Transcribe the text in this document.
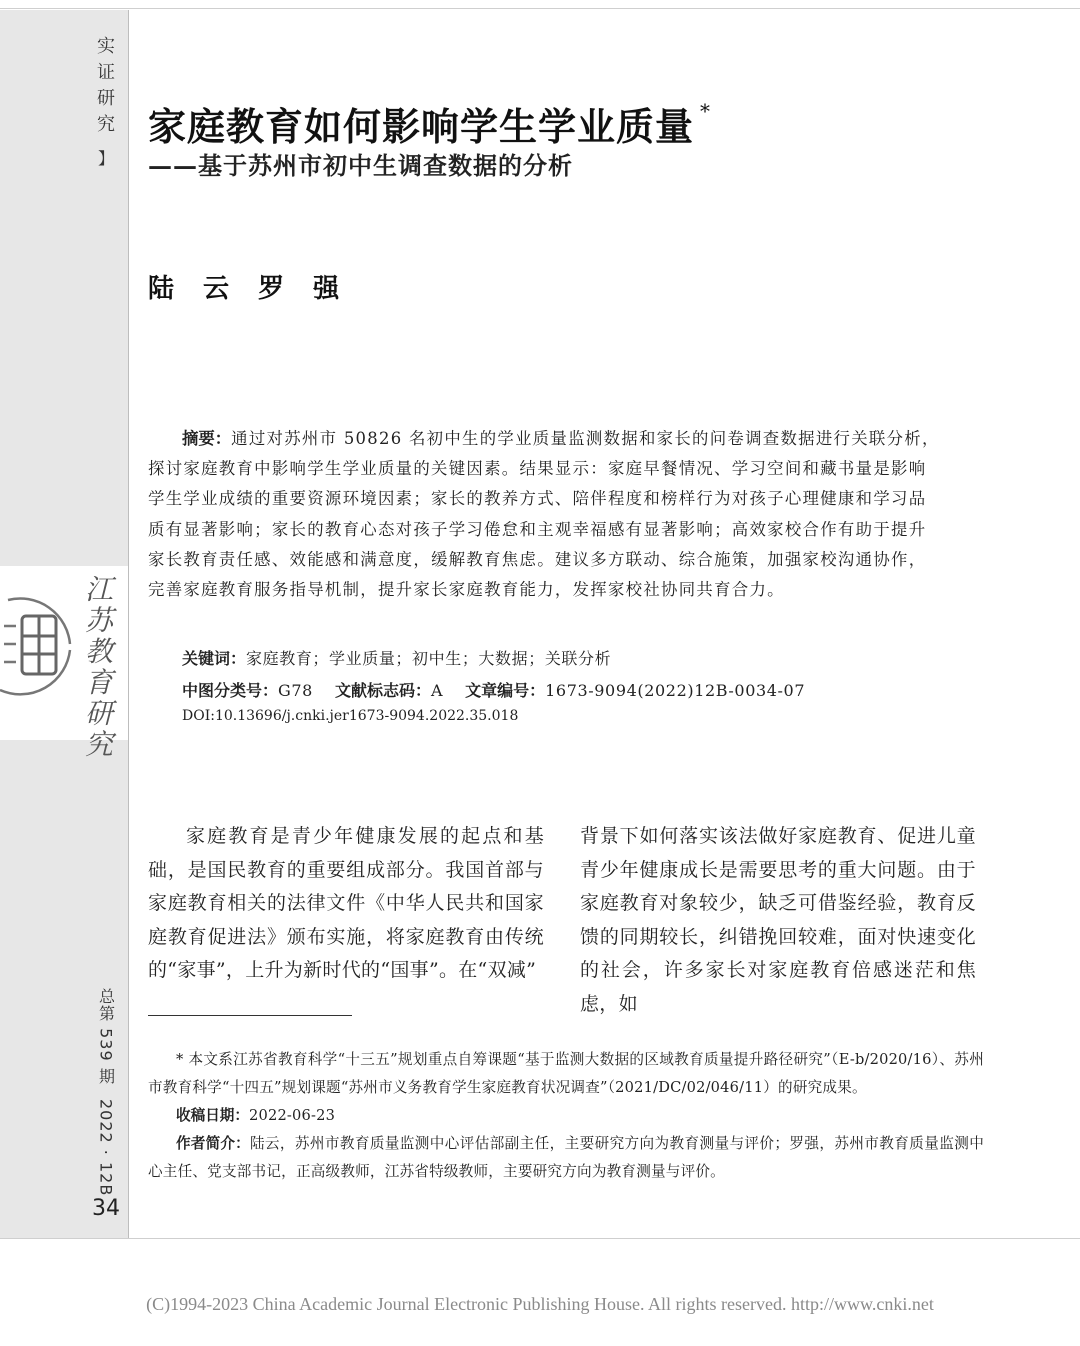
实
证
研
究
】
江
苏
教
育
研
究
总第 539 期
2022 · 12B
34
家庭教育如何影响学生学业质量 *
——基于苏州市初中生调查数据的分析
陆 云 罗 强

摘要：通过对苏州市 50826 名初中生的学业质量监测数据和家长的问卷调查数据进行关联分析，探讨家庭教育中影响学生学业质量的关键因素。结果显示：家庭早餐情况、学习空间和藏书量是影响学生学业成绩的重要资源环境因素；家长的教养方式、陪伴程度和榜样行为对孩子心理健康和学习品质有显著影响；家长的教育心态对孩子学习倦怠和主观幸福感有显著影响；高效家校合作有助于提升家长教育责任感、效能感和满意度，缓解教育焦虑。建议多方联动、综合施策，加强家校沟通协作，完善家庭教育服务指导机制，提升家长家庭教育能力，发挥家校社协同共育合力。

关键词：家庭教育；学业质量；初中生；大数据；关联分析
中图分类号：G78 文献标志码：A 文章编号：1673-9094(2022)12B-0034-07
DOI:10.13696/j.cnki.jer1673-9094.2022.35.018

家庭教育是青少年健康发展的起点和基础，是国民教育的重要组成部分。我国首部与家庭教育相关的法律文件《中华人民共和国家庭教育促进法》颁布实施，将家庭教育由传统的“家事”，上升为新时代的“国事”。在“双减”

背景下如何落实该法做好家庭教育、促进儿童青少年健康成长是需要思考的重大问题。由于家庭教育对象较少，缺乏可借鉴经验，教育反馈的同期较长，纠错挽回较难，面对快速变化的社会，许多家长对家庭教育倍感迷茫和焦虑，如

* 本文系江苏省教育科学“十三五”规划重点自筹课题“基于监测大数据的区域教育质量提升路径研究”（E-b/2020/16）、苏州市教育科学“十四五”规划课题“苏州市义务教育学生家庭教育状况调查”（2021/DC/02/046/11）的研究成果。

收稿日期：2022-06-23

作者简介：陆云，苏州市教育质量监测中心评估部副主任，主要研究方向为教育测量与评价；罗强，苏州市教育质量监测中心主任、党支部书记，正高级教师，江苏省特级教师，主要研究方向为教育测量与评价。

(C)1994-2023 China Academic Journal Electronic Publishing House. All rights reserved. http://www.cnki.net
